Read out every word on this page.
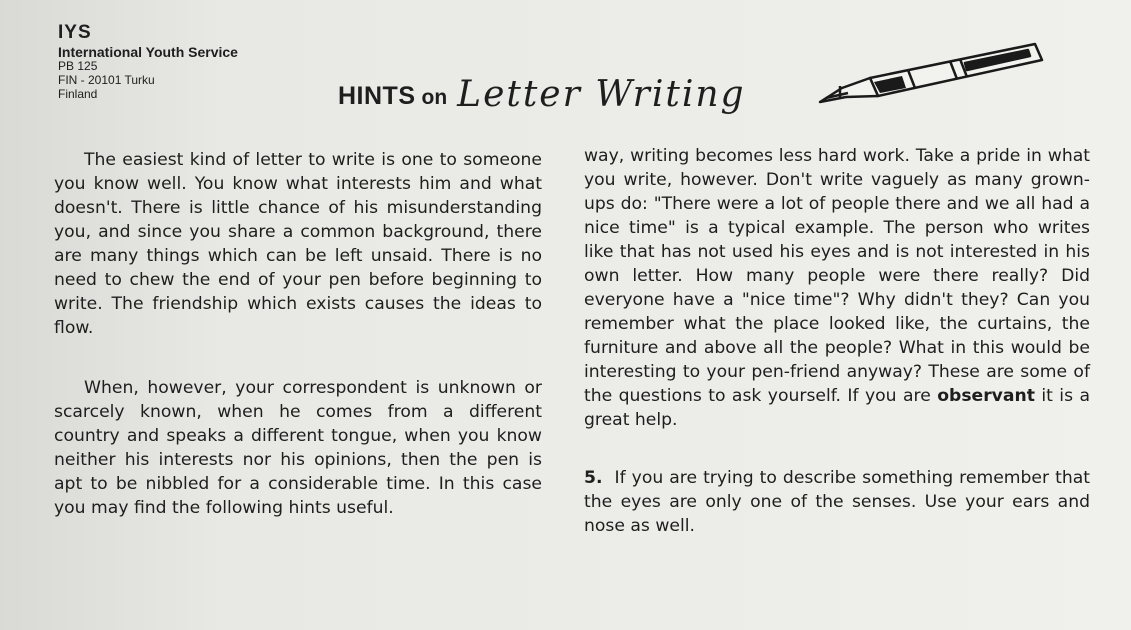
IYS
International Youth Service
PB 125
FIN - 20101 Turku
Finland	HINTS on Letter Writing

The easiest kind of letter to write is one to someone you know well. You know what interests him and what doesn't. There is little chance of his misunderstanding you, and since you share a common background, there are many things which can be left unsaid. There is no need to chew the end of your pen before beginning to write. The friendship which exists causes the ideas to flow.

When, however, your correspondent is unknown or scarcely known, when he comes from a different country and speaks a different tongue, when you know neither his interests nor his opinions, then the pen is apt to be nibbled for a considerable time. In this case you may find the following hints useful.

way, writing becomes less hard work. Take a pride in what you write, however. Don't write vaguely as many grown-ups do: "There were a lot of people there and we all had a nice time" is a typical example. The person who writes like that has not used his eyes and is not interested in his own letter. How many people were there really? Did everyone have a "nice time"? Why didn't they? Can you remember what the place looked like, the curtains, the furniture and above all the people? What in this would be interesting to your pen-friend anyway? These are some of the questions to ask yourself. If you are observant it is a great help.

5. If you are trying to describe something remember that the eyes are only one of the senses. Use your ears and nose as well.
